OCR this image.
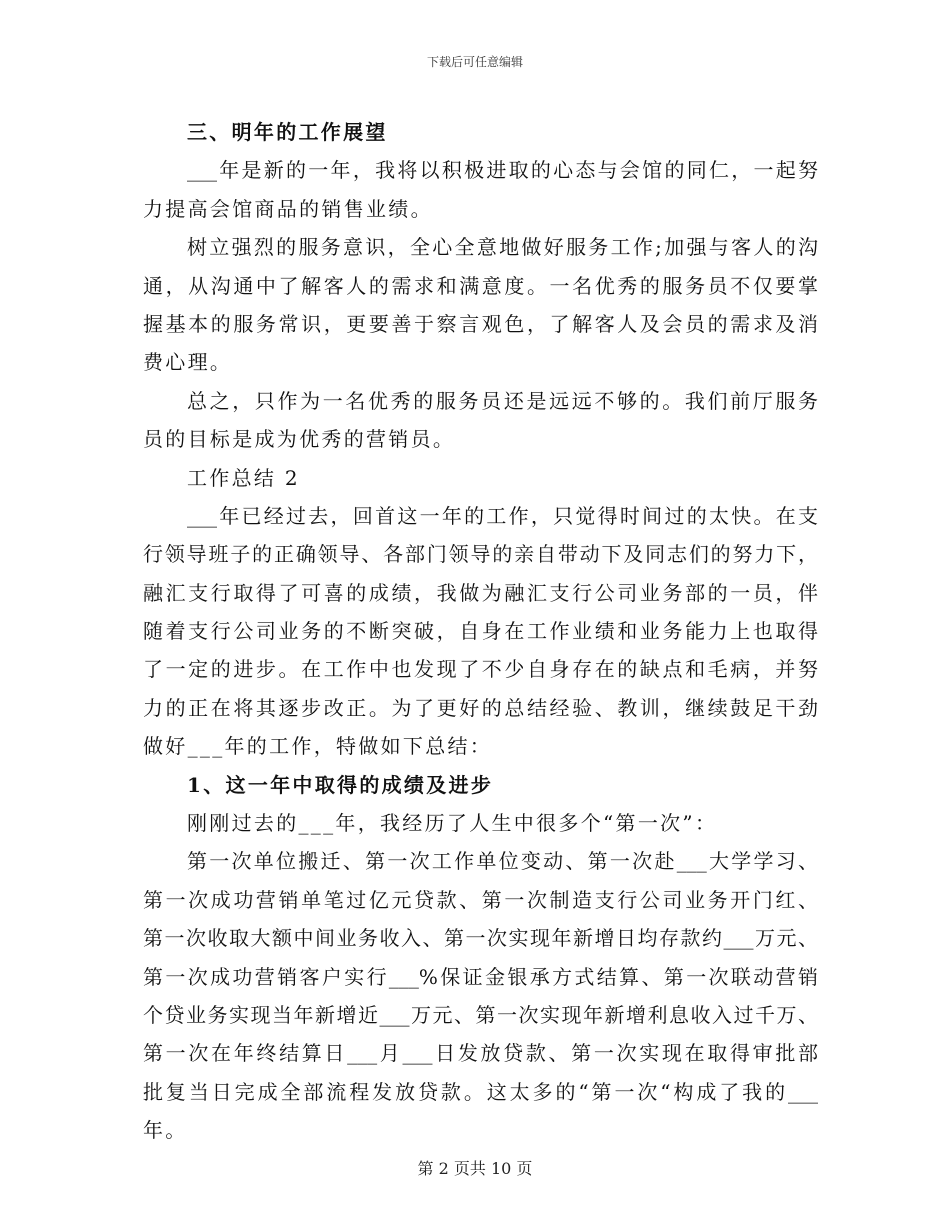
下载后可任意编辑
三、明年的工作展望
___年是新的一年，我将以积极进取的心态与会馆的同仁，一起努
力提高会馆商品的销售业绩。
树立强烈的服务意识，全心全意地做好服务工作;加强与客人的沟
通，从沟通中了解客人的需求和满意度。一名优秀的服务员不仅要掌
握基本的服务常识，更要善于察言观色，了解客人及会员的需求及消
费心理。
总之，只作为一名优秀的服务员还是远远不够的。我们前厅服务
员的目标是成为优秀的营销员。
工作总结 2
___年已经过去，回首这一年的工作，只觉得时间过的太快。在支
行领导班子的正确领导、各部门领导的亲自带动下及同志们的努力下，
融汇支行取得了可喜的成绩，我做为融汇支行公司业务部的一员，伴
随着支行公司业务的不断突破，自身在工作业绩和业务能力上也取得
了一定的进步。在工作中也发现了不少自身存在的缺点和毛病，并努
力的正在将其逐步改正。为了更好的总结经验、教训，继续鼓足干劲
做好___年的工作，特做如下总结：
1、这一年中取得的成绩及进步
刚刚过去的___年，我经历了人生中很多个“第一次”：
第一次单位搬迁、第一次工作单位变动、第一次赴___大学学习、
第一次成功营销单笔过亿元贷款、第一次制造支行公司业务开门红、
第一次收取大额中间业务收入、第一次实现年新增日均存款约___万元、
第一次成功营销客户实行___%保证金银承方式结算、第一次联动营销
个贷业务实现当年新增近___万元、第一次实现年新增利息收入过千万、
第一次在年终结算日___月___日发放贷款、第一次实现在取得审批部
批复当日完成全部流程发放贷款。这太多的“第一次“构成了我的___
年。
第 2 页共 10 页
